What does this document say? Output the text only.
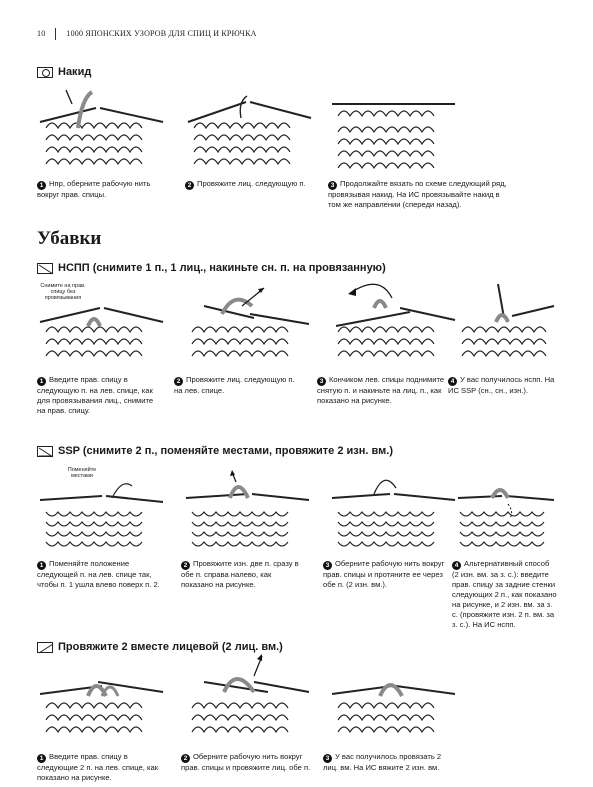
10	1000 ЯПОНСКИХ УЗОРОВ ДЛЯ СПИЦ И КРЮЧКА
Накид
1 Нпр, оберните рабочую нить вокруг прав. спицы.
2 Провяжите лиц. следующую п.	3 Продолжайте вязать по схеме следующий ряд, провязывая накид. На ИС провязывайте накид в том же направлении (спереди назад).
Убавки
НСПП (снимите 1 п., 1 лиц., накиньте сн. п. на провязанную)
Снимите на прав. спицу без провязывания
1 Введите прав. спицу в следующую п. на лев. спице, как для провязывания лиц., снимите на прав. спицу.
2 Провяжите лиц. следующую п. на лев. спице.
3 Кончиком лев. спицы поднимите снятую п. и накиньте на лиц. п., как показано на рисунке.
4 У вас получилось нспп. На ИС SSP (сн., сн., изн.).
SSP (снимите 2 п., поменяйте местами, провяжите 2 изн. вм.)
Поменяйте местами
1 Поменяйте положение следующей п. на лев. спице так, чтобы п. 1 ушла влево поверх п. 2.
2 Провяжите изн. две п. сразу в обе п. справа налево, как показано на рисунке.
3 Оберните рабочую нить вокруг прав. спицы и протяните ее через обе п. (2 изн. вм.).
4 Альтернативный способ (2 изн. вм. за з. с.): введите прав. спицу за задние стенки следующих 2 п., как показано на рисунке, и 2 изн. вм. за з. с. (провяжите изн. 2 п. вм. за з. с.). На ИС нспп.
Провяжите 2 вместе лицевой (2 лиц. вм.)
1 Введите прав. спицу в следующие 2 п. на лев. спице, как показано на рисунке.
2 Оберните рабочую нить вокруг прав. спицы и провяжите лиц. обе п.
3 У вас получилось провязать 2 лиц. вм. На ИС вяжите 2 изн. вм.
